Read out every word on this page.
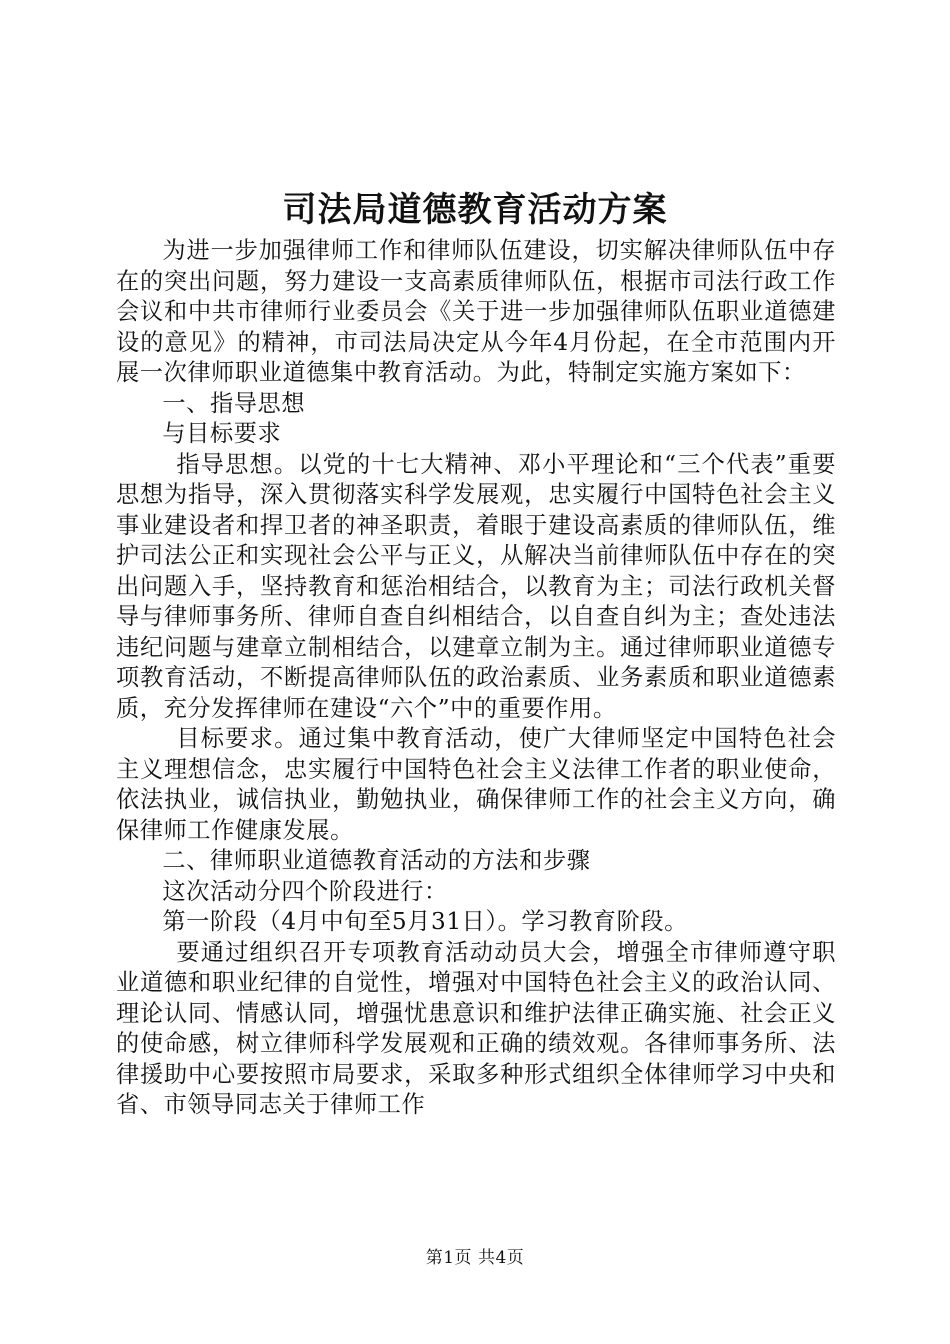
司法局道德教育活动方案

为进一步加强律师工作和律师队伍建设，切实解决律师队伍中存在的突出问题，努力建设一支高素质律师队伍，根据市司法行政工作会议和中共市律师行业委员会《关于进一步加强律师队伍职业道德建设的意见》的精神，市司法局决定从今年4月份起，在全市范围内开展一次律师职业道德集中教育活动。为此，特制定实施方案如下：

一、指导思想

与目标要求

指导思想。以党的十七大精神、邓小平理论和“三个代表”重要思想为指导，深入贯彻落实科学发展观，忠实履行中国特色社会主义事业建设者和捍卫者的神圣职责，着眼于建设高素质的律师队伍，维护司法公正和实现社会公平与正义，从解决当前律师队伍中存在的突出问题入手，坚持教育和惩治相结合，以教育为主；司法行政机关督导与律师事务所、律师自查自纠相结合，以自查自纠为主；查处违法违纪问题与建章立制相结合，以建章立制为主。通过律师职业道德专项教育活动，不断提高律师队伍的政治素质、业务素质和职业道德素质，充分发挥律师在建设“六个”中的重要作用。

目标要求。通过集中教育活动，使广大律师坚定中国特色社会主义理想信念，忠实履行中国特色社会主义法律工作者的职业使命，依法执业，诚信执业，勤勉执业，确保律师工作的社会主义方向，确保律师工作健康发展。

二、律师职业道德教育活动的方法和步骤

这次活动分四个阶段进行：

第一阶段（4月中旬至5月31日）。学习教育阶段。

要通过组织召开专项教育活动动员大会，增强全市律师遵守职业道德和职业纪律的自觉性，增强对中国特色社会主义的政治认同、理论认同、情感认同，增强忧患意识和维护法律正确实施、社会正义的使命感，树立律师科学发展观和正确的绩效观。各律师事务所、法律援助中心要按照市局要求，采取多种形式组织全体律师学习中央和省、市领导同志关于律师工作

第1页 共4页
